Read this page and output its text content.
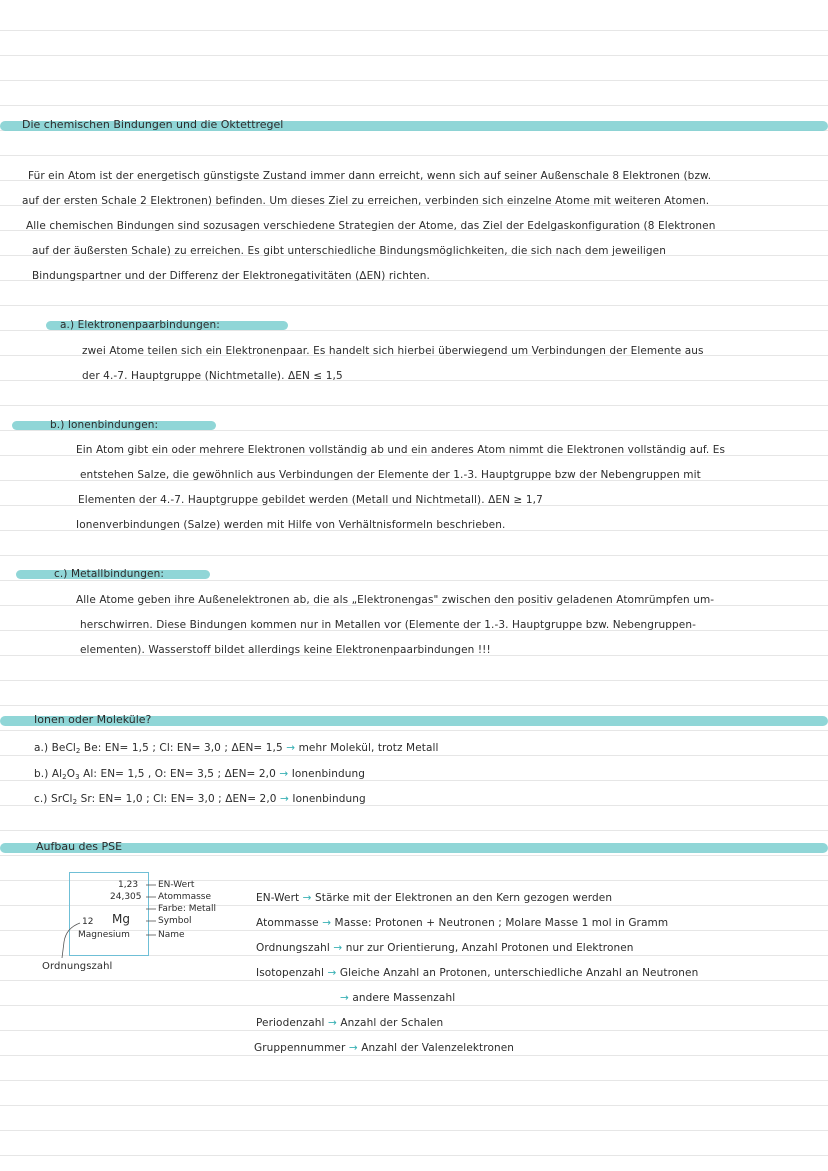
Die chemischen Bindungen und die Oktettregel
Für ein Atom ist der energetisch günstigste Zustand immer dann erreicht, wenn sich auf seiner Außenschale 8 Elektronen (bzw.
auf der ersten Schale 2 Elektronen) befinden. Um dieses Ziel zu erreichen, verbinden sich einzelne Atome mit weiteren Atomen.
Alle chemischen Bindungen sind sozusagen verschiedene Strategien der Atome, das Ziel der Edelgaskonfiguration (8 Elektronen
auf der äußersten Schale) zu erreichen. Es gibt unterschiedliche Bindungsmöglichkeiten, die sich nach dem jeweiligen
Bindungspartner und der Differenz der Elektronegativitäten (ΔEN) richten.
a.) Elektronenpaarbindungen:
zwei Atome teilen sich ein Elektronenpaar. Es handelt sich hierbei überwiegend um Verbindungen der Elemente aus
der 4.-7. Hauptgruppe (Nichtmetalle). ΔEN ≤ 1,5
b.) Ionenbindungen:
Ein Atom gibt ein oder mehrere Elektronen vollständig ab und ein anderes Atom nimmt die Elektronen vollständig auf. Es
entstehen Salze, die gewöhnlich aus Verbindungen der Elemente der 1.-3. Hauptgruppe bzw der Nebengruppen mit
Elementen der 4.-7. Hauptgruppe gebildet werden (Metall und Nichtmetall). ΔEN ≥ 1,7
Ionenverbindungen (Salze) werden mit Hilfe von Verhältnisformeln beschrieben.
c.) Metallbindungen:
Alle Atome geben ihre Außenelektronen ab, die als „Elektronengas" zwischen den positiv geladenen Atomrümpfen um-
herschwirren. Diese Bindungen kommen nur in Metallen vor (Elemente der 1.-3. Hauptgruppe bzw. Nebengruppen-
elementen). Wasserstoff bildet allerdings keine Elektronenpaarbindungen !!!
Ionen oder Moleküle?
a.) BeCl$_2$ Be: EN= 1,5 ; Cl: EN= 3,0 ; ΔEN= 1,5 → mehr Molekül, trotz Metall
b.) $Al_2O_3$ Al: EN= 1,5 , O: EN= 3,5 ; ΔEN= 2,0 → Ionenbindung
c.) SrCl$_2$ Sr: EN= 1,0 ; Cl: EN= 3,0 ; ΔEN= 2,0 → Ionenbindung
Aufbau des PSE
1,23
24,305
12 Mg
Magnesium
EN-Wert
Atommasse
Farbe: Metall
Symbol
Name
Ordnungszahl
EN-Wert → Stärke mit der Elektronen an den Kern gezogen werden
Atommasse → Masse: Protonen + Neutronen ; Molare Masse 1 mol in Gramm
Ordnungszahl → nur zur Orientierung, Anzahl Protonen und Elektronen
Isotopenzahl → Gleiche Anzahl an Protonen, unterschiedliche Anzahl an Neutronen
→ andere Massenzahl
Periodenzahl → Anzahl der Schalen
Gruppennummer → Anzahl der Valenzelektronen
